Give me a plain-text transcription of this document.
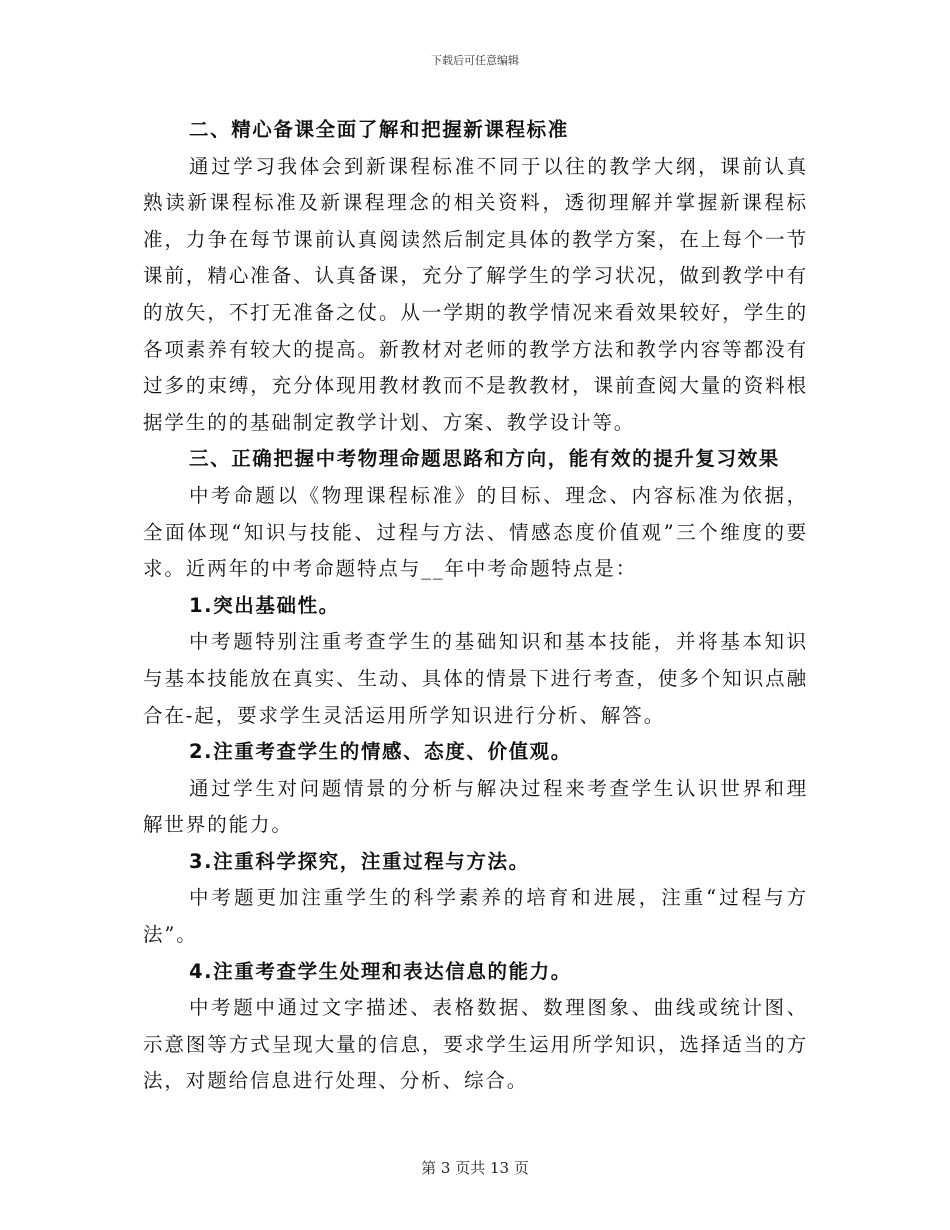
下载后可任意编辑

二、精心备课全面了解和把握新课程标准

通过学习我体会到新课程标准不同于以往的教学大纲，课前认真熟读新课程标准及新课程理念的相关资料，透彻理解并掌握新课程标准，力争在每节课前认真阅读然后制定具体的教学方案，在上每个一节课前，精心准备、认真备课，充分了解学生的学习状况，做到教学中有的放矢，不打无准备之仗。从一学期的教学情况来看效果较好，学生的各项素养有较大的提高。新教材对老师的教学方法和教学内容等都没有过多的束缚，充分体现用教材教而不是教教材，课前查阅大量的资料根据学生的的基础制定教学计划、方案、教学设计等。

三、正确把握中考物理命题思路和方向，能有效的提升复习效果

中考命题以《物理课程标准》的目标、理念、内容标准为依据，全面体现“知识与技能、过程与方法、情感态度价值观”三个维度的要求。近两年的中考命题特点与__年中考命题特点是：

1.突出基础性。

中考题特别注重考查学生的基础知识和基本技能，并将基本知识与基本技能放在真实、生动、具体的情景下进行考查，使多个知识点融合在-起，要求学生灵活运用所学知识进行分析、解答。

2.注重考查学生的情感、态度、价值观。

通过学生对问题情景的分析与解决过程来考查学生认识世界和理解世界的能力。

3.注重科学探究，注重过程与方法。

中考题更加注重学生的科学素养的培育和进展，注重“过程与方法”。

4.注重考查学生处理和表达信息的能力。

中考题中通过文字描述、表格数据、数理图象、曲线或统计图、示意图等方式呈现大量的信息，要求学生运用所学知识，选择适当的方法，对题给信息进行处理、分析、综合。

第 3 页共 13 页
